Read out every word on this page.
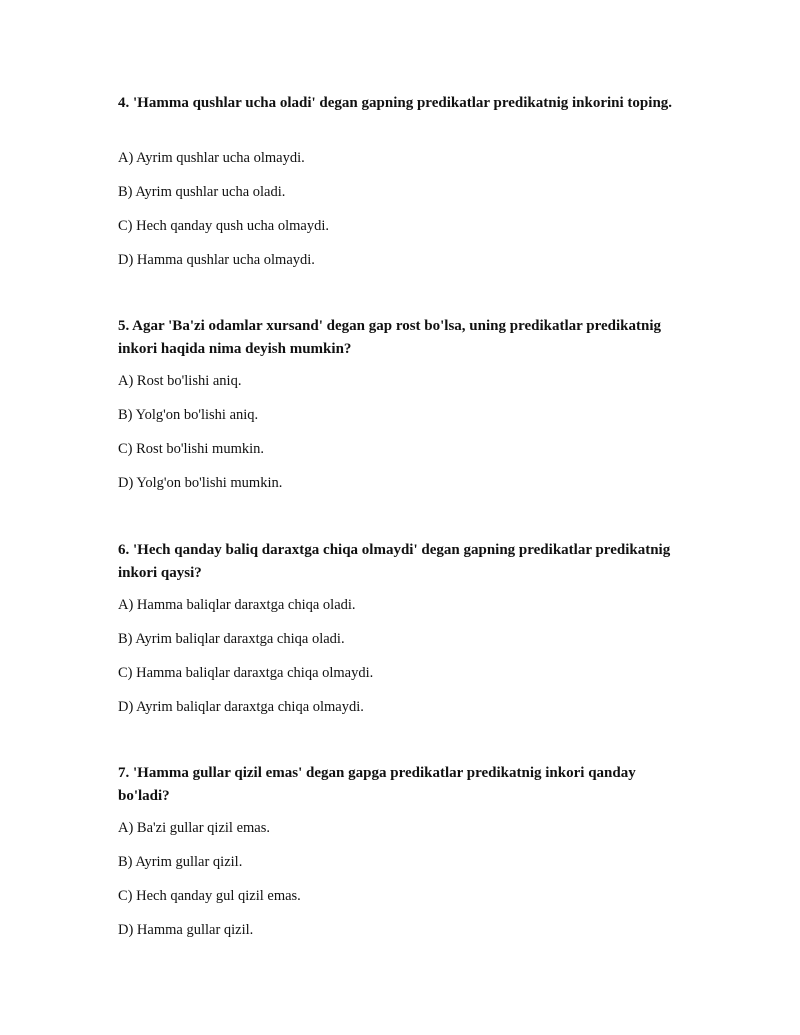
4. 'Hamma qushlar ucha oladi' degan gapning predikatlar predikatnig inkorini toping.

A) Ayrim qushlar ucha olmaydi.

B) Ayrim qushlar ucha oladi.

C) Hech qanday qush ucha olmaydi.

D) Hamma qushlar ucha olmaydi.

5. Agar 'Ba'zi odamlar xursand' degan gap rost bo'lsa, uning predikatlar predikatnig inkori haqida nima deyish mumkin?

A) Rost bo'lishi aniq.

B) Yolg'on bo'lishi aniq.

C) Rost bo'lishi mumkin.

D) Yolg'on bo'lishi mumkin.

6. 'Hech qanday baliq daraxtga chiqa olmaydi' degan gapning predikatlar predikatnig inkori qaysi?

A) Hamma baliqlar daraxtga chiqa oladi.

B) Ayrim baliqlar daraxtga chiqa oladi.

C) Hamma baliqlar daraxtga chiqa olmaydi.

D) Ayrim baliqlar daraxtga chiqa olmaydi.

7. 'Hamma gullar qizil emas' degan gapga predikatlar predikatnig inkori qanday bo'ladi?

A) Ba'zi gullar qizil emas.

B) Ayrim gullar qizil.

C) Hech qanday gul qizil emas.

D) Hamma gullar qizil.
